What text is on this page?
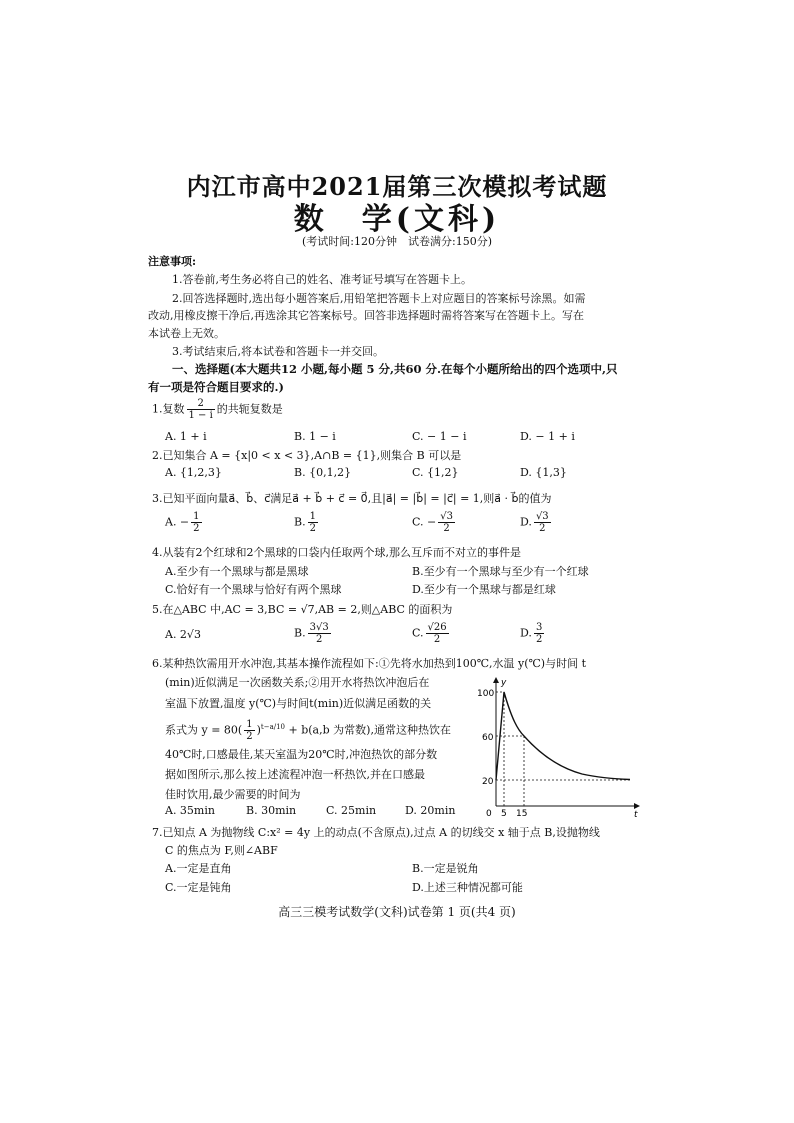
内江市高中2021届第三次模拟考试题
数　学(文科)
(考试时间:120分钟　试卷满分:150分)
注意事项:
1.答卷前,考生务必将自己的姓名、准考证号填写在答题卡上。
2.回答选择题时,选出每小题答案后,用铅笔把答题卡上对应题目的答案标号涂黑。如需
改动,用橡皮擦干净后,再选涂其它答案标号。回答非选择题时需将答案写在答题卡上。写在
本试卷上无效。
3.考试结束后,将本试卷和答题卡一并交回。
一、选择题(本大题共12 小题,每小题 5 分,共60 分.在每个小题所给出的四个选项中,只
有一项是符合题目要求的.)
1.复数 $\frac{2}{1 - i}$ 的共轭复数是
A. 1 + i	B. 1 − i	C. − 1 − i	D. − 1 + i
2.已知集合 A = {x|0 < x < 3},A∩B = {1},则集合 B 可以是
A. {1,2,3}	B. {0,1,2}	C. {1,2}	D. {1,3}
3.已知平面向量a⃗、b⃗、c⃗满足a⃗ + b⃗ + c⃗ = 0⃗,且|a⃗| = |b⃗| = |c⃗| = 1,则a⃗ · b⃗的值为
A. − $\frac{1}{2}$	B. $\frac{1}{2}$	C. − $\frac{√3}{2}$	D. $\frac{√3}{2}$
4.从装有2个红球和2个黑球的口袋内任取两个球,那么互斥而不对立的事件是
A.至少有一个黑球与都是黑球	B.至少有一个黑球与至少有一个红球
C.恰好有一个黑球与恰好有两个黑球	D.至少有一个黑球与都是红球
5.在△ABC 中,AC = 3,BC = √7,AB = 2,则△ABC 的面积为
A. 2√3	B. $\frac{3√3}{2}$	C. $\frac{√26}{2}$	D. $\frac{3}{2}$
6.某种热饮需用开水冲泡,其基本操作流程如下:①先将水加热到100℃,水温 y(℃)与时间 t
(min)近似满足一次函数关系;②用开水将热饮冲泡后在
室温下放置,温度 y(℃)与时间t(min)近似满足函数的关
系式为 $y = 80( \frac{1}{2} )^{t-a/10} + b(a,b$ 为常数),通常这种热饮在
40℃时,口感最佳,某天室温为20℃时,冲泡热饮的部分数
据如图所示,那么按上述流程冲泡一杯热饮,并在口感最
佳时饮用,最少需要的时间为
A. 35min	B. 30min	C. 25min	D. 20min
y
t
100
60
20
0 5 15
7.已知点 A 为抛物线 C:x² = 4y 上的动点(不含原点),过点 A 的切线交 x 轴于点 B,设抛物线
C 的焦点为 F,则∠ABF
A.一定是直角	B.一定是锐角
C.一定是钝角	D.上述三种情况都可能
高三三模考试数学(文科)试卷第 1 页(共4 页)
